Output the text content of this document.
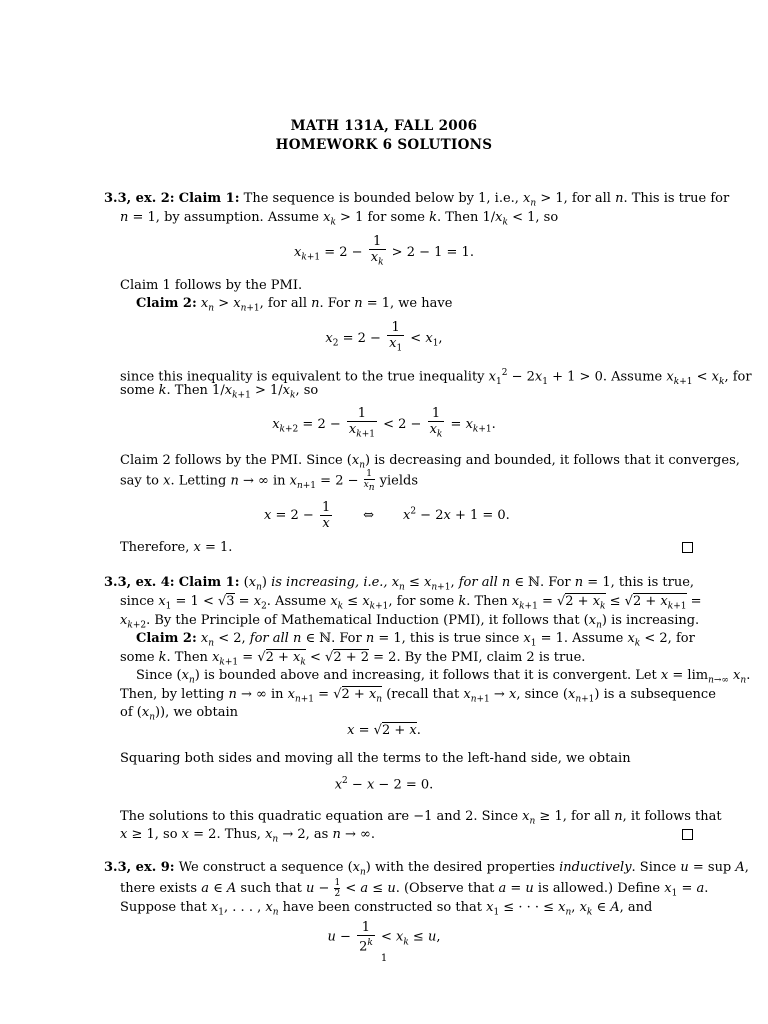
MATH 131A, FALL 2006
HOMEWORK 6 SOLUTIONS
3.3, ex. 2: Claim 1: The sequence is bounded below by 1, i.e., $x_n > 1$, for all n. This is true for
n = 1, by assumption. Assume $x_k > 1$ for some k. Then $1/x_k < 1$, so
$x_{k+1} = 2 - \frac{1}{x_k} > 2 - 1 = 1$.
Claim 1 follows by the PMI.
Claim 2: $x_n > x_{n+1}$, for all n. For n = 1, we have
$x_2 = 2 - \frac{1}{x_1} < x_1$,
since this inequality is equivalent to the true inequality $x_1^2 - 2x_1 + 1 > 0$. Assume $x_{k+1} < x_k$, for
some k. Then $1/x_{k+1} > 1/x_k$, so
$x_{k+2} = 2 - \frac{1}{x_{k+1}} < 2 - \frac{1}{x_k} = x_{k+1}$.
Claim 2 follows by the PMI. Since $(x_n)$ is decreasing and bounded, it follows that it converges,
say to x. Letting n → ∞ in $x_{n+1} = 2 - \frac{1}{x_n}$ yields
$x = 2 - \frac{1}{x}$ ⇔       $x^2 - 2x + 1 = 0$.
Therefore, x = 1.
3.3, ex. 4: Claim 1: $(x_n)$ is increasing, i.e., $x_n \le x_{n+1}$, for all n ∈ ℕ. For n = 1, this is true,
since $x_1 = 1 < √3 = x_2$. Assume $x_k \le x_{k+1}$, for some k. Then $x_{k+1} = √2 + x_k \le √2 + x_{k+1}$ =
$x_{k+2}$. By the Principle of Mathematical Induction (PMI), it follows that $(x_n)$ is increasing.
Claim 2: $x_n < 2$, for all n ∈ ℕ. For n = 1, this is true since $x_1 = 1$. Assume $x_k < 2$, for
some k. Then $x_{k+1} = √2 + x_k < √2 + 2 = 2$. By the PMI, claim 2 is true.
Since $(x_n)$ is bounded above and increasing, it follows that it is convergent. Let $x = \lim_{n\to\infty} x_n$.
Then, by letting n → ∞ in $x_{n+1} = √2 + x_n$ (recall that $x_{n+1} \to x$, since $(x_{n+1})$ is a subsequence
of $(x_n)$), we obtain
x = √2 + x.
Squaring both sides and moving all the terms to the left-hand side, we obtain
$x^2 - x - 2 = 0$.
The solutions to this quadratic equation are −1 and 2. Since $x_n \ge 1$, for all n, it follows that
x ≥ 1, so x = 2. Thus, $x_n \to 2$, as n → ∞.
3.3, ex. 9: We construct a sequence $(x_n)$ with the desired properties inductively. Since u = sup A,
there exists a ∈ A such that $u - \frac{1}{2} < a \le u$. (Observe that a = u is allowed.) Define $x_1 = a$.
Suppose that $x_1$, . . . , $x_n$ have been constructed so that $x_1$ ≤ · · · ≤ $x_n$, $x_k$ ∈ A, and
$u - \frac{1}{2^k} < x_k \le u$,
1
